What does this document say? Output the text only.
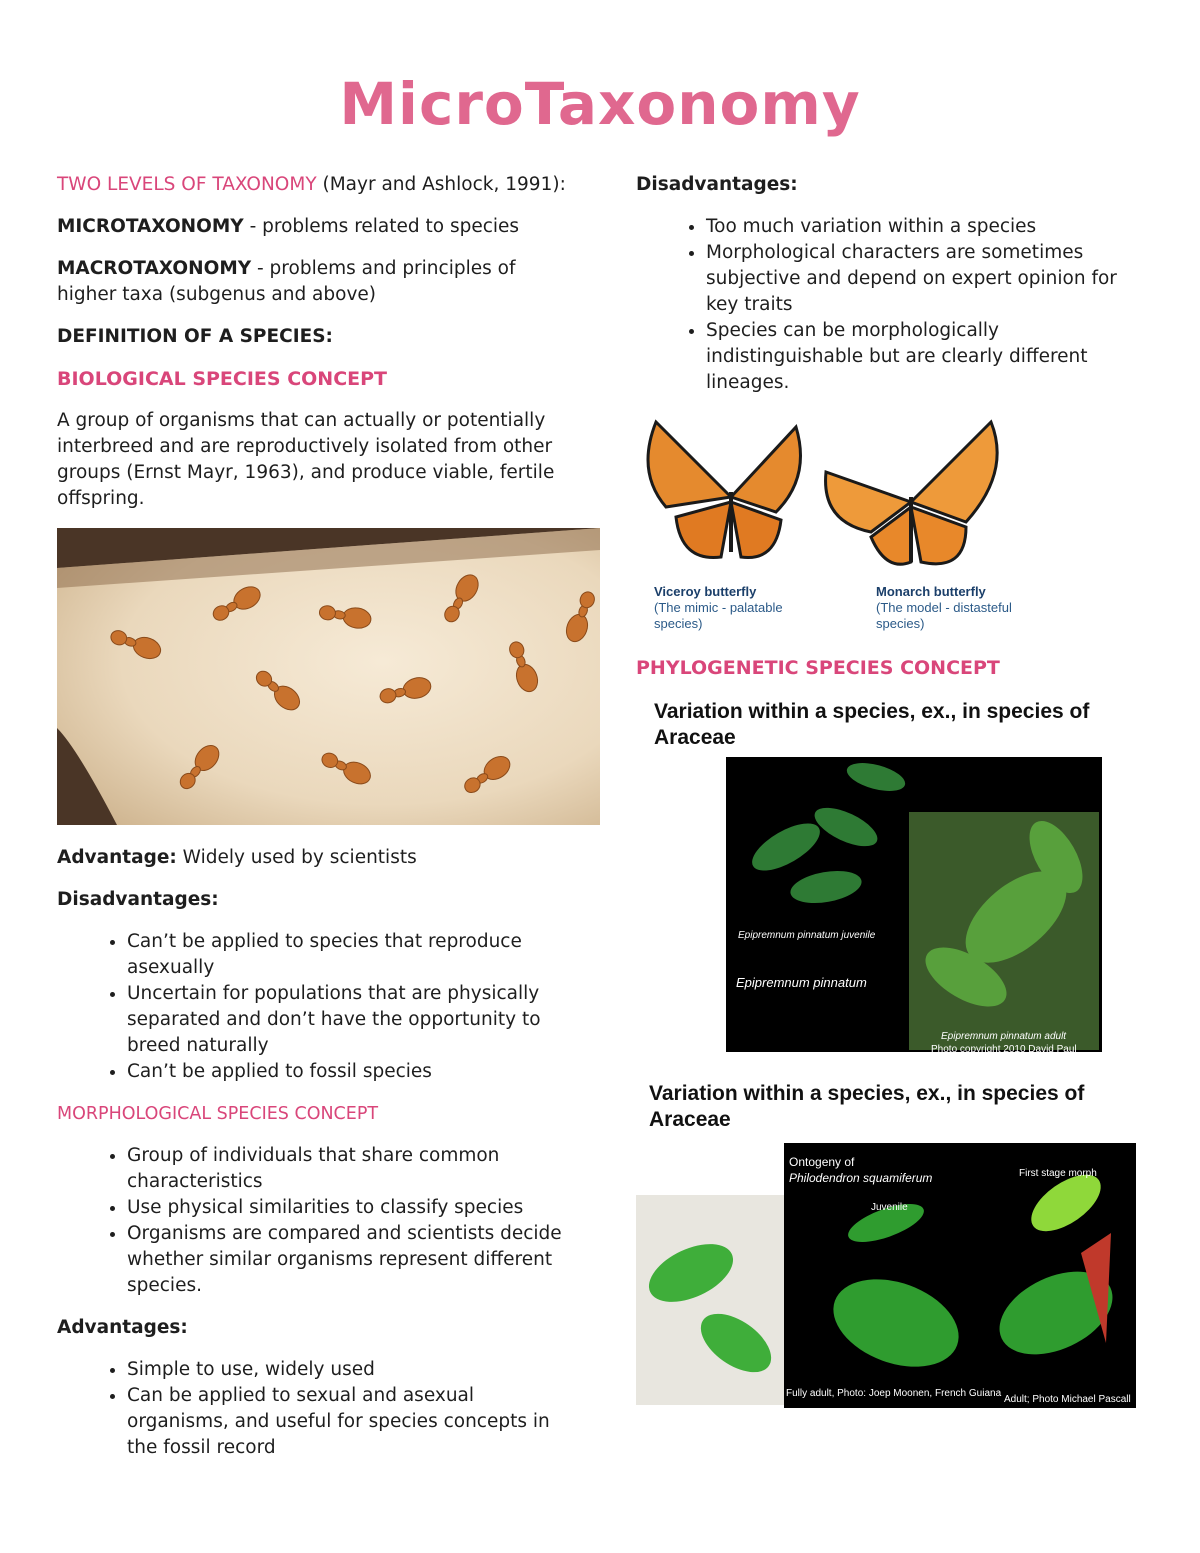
MicroTaxonomy

TWO LEVELS OF TAXONOMY (Mayr and Ashlock, 1991):

MICROTAXONOMY - problems related to species

MACROTAXONOMY - problems and principles of higher taxa (subgenus and above)

DEFINITION OF A SPECIES:

BIOLOGICAL SPECIES CONCEPT

A group of organisms that can actually or potentially interbreed and are reproductively isolated from other groups (Ernst Mayr, 1963), and produce viable, fertile offspring.

Advantage: Widely used by scientists

Disadvantages:

• Can’t be applied to species that reproduce asexually
• Uncertain for populations that are physically separated and don’t have the opportunity to breed naturally
• Can’t be applied to fossil species

MORPHOLOGICAL SPECIES CONCEPT

• Group of individuals that share common characteristics
• Use physical similarities to classify species
• Organisms are compared and scientists decide whether similar organisms represent different species.

Advantages:

• Simple to use, widely used
• Can be applied to sexual and asexual organisms, and useful for species concepts in the fossil record

Disadvantages:

• Too much variation within a species
• Morphological characters are sometimes subjective and depend on expert opinion for key traits
• Species can be morphologically indistinguishable but are clearly different lineages.
Viceroy butterfly
(The mimic - palatable species)
Monarch butterfly
(The model - distasteful species)

PHYLOGENETIC SPECIES CONCEPT

Variation within a species, ex., in species of Araceae
Epipremnum pinnatum juvenile
Epipremnum pinnatum
Epipremnum pinnatum adult
Photo copyright 2010 David Paul
Variation within a species, ex., in species of Araceae
Ontogeny of
Philodendron squamiferum	First stage morph
Juvenile
Fully adult, Photo: Joep Moonen, French Guiana
Adult; Photo Michael Pascall
